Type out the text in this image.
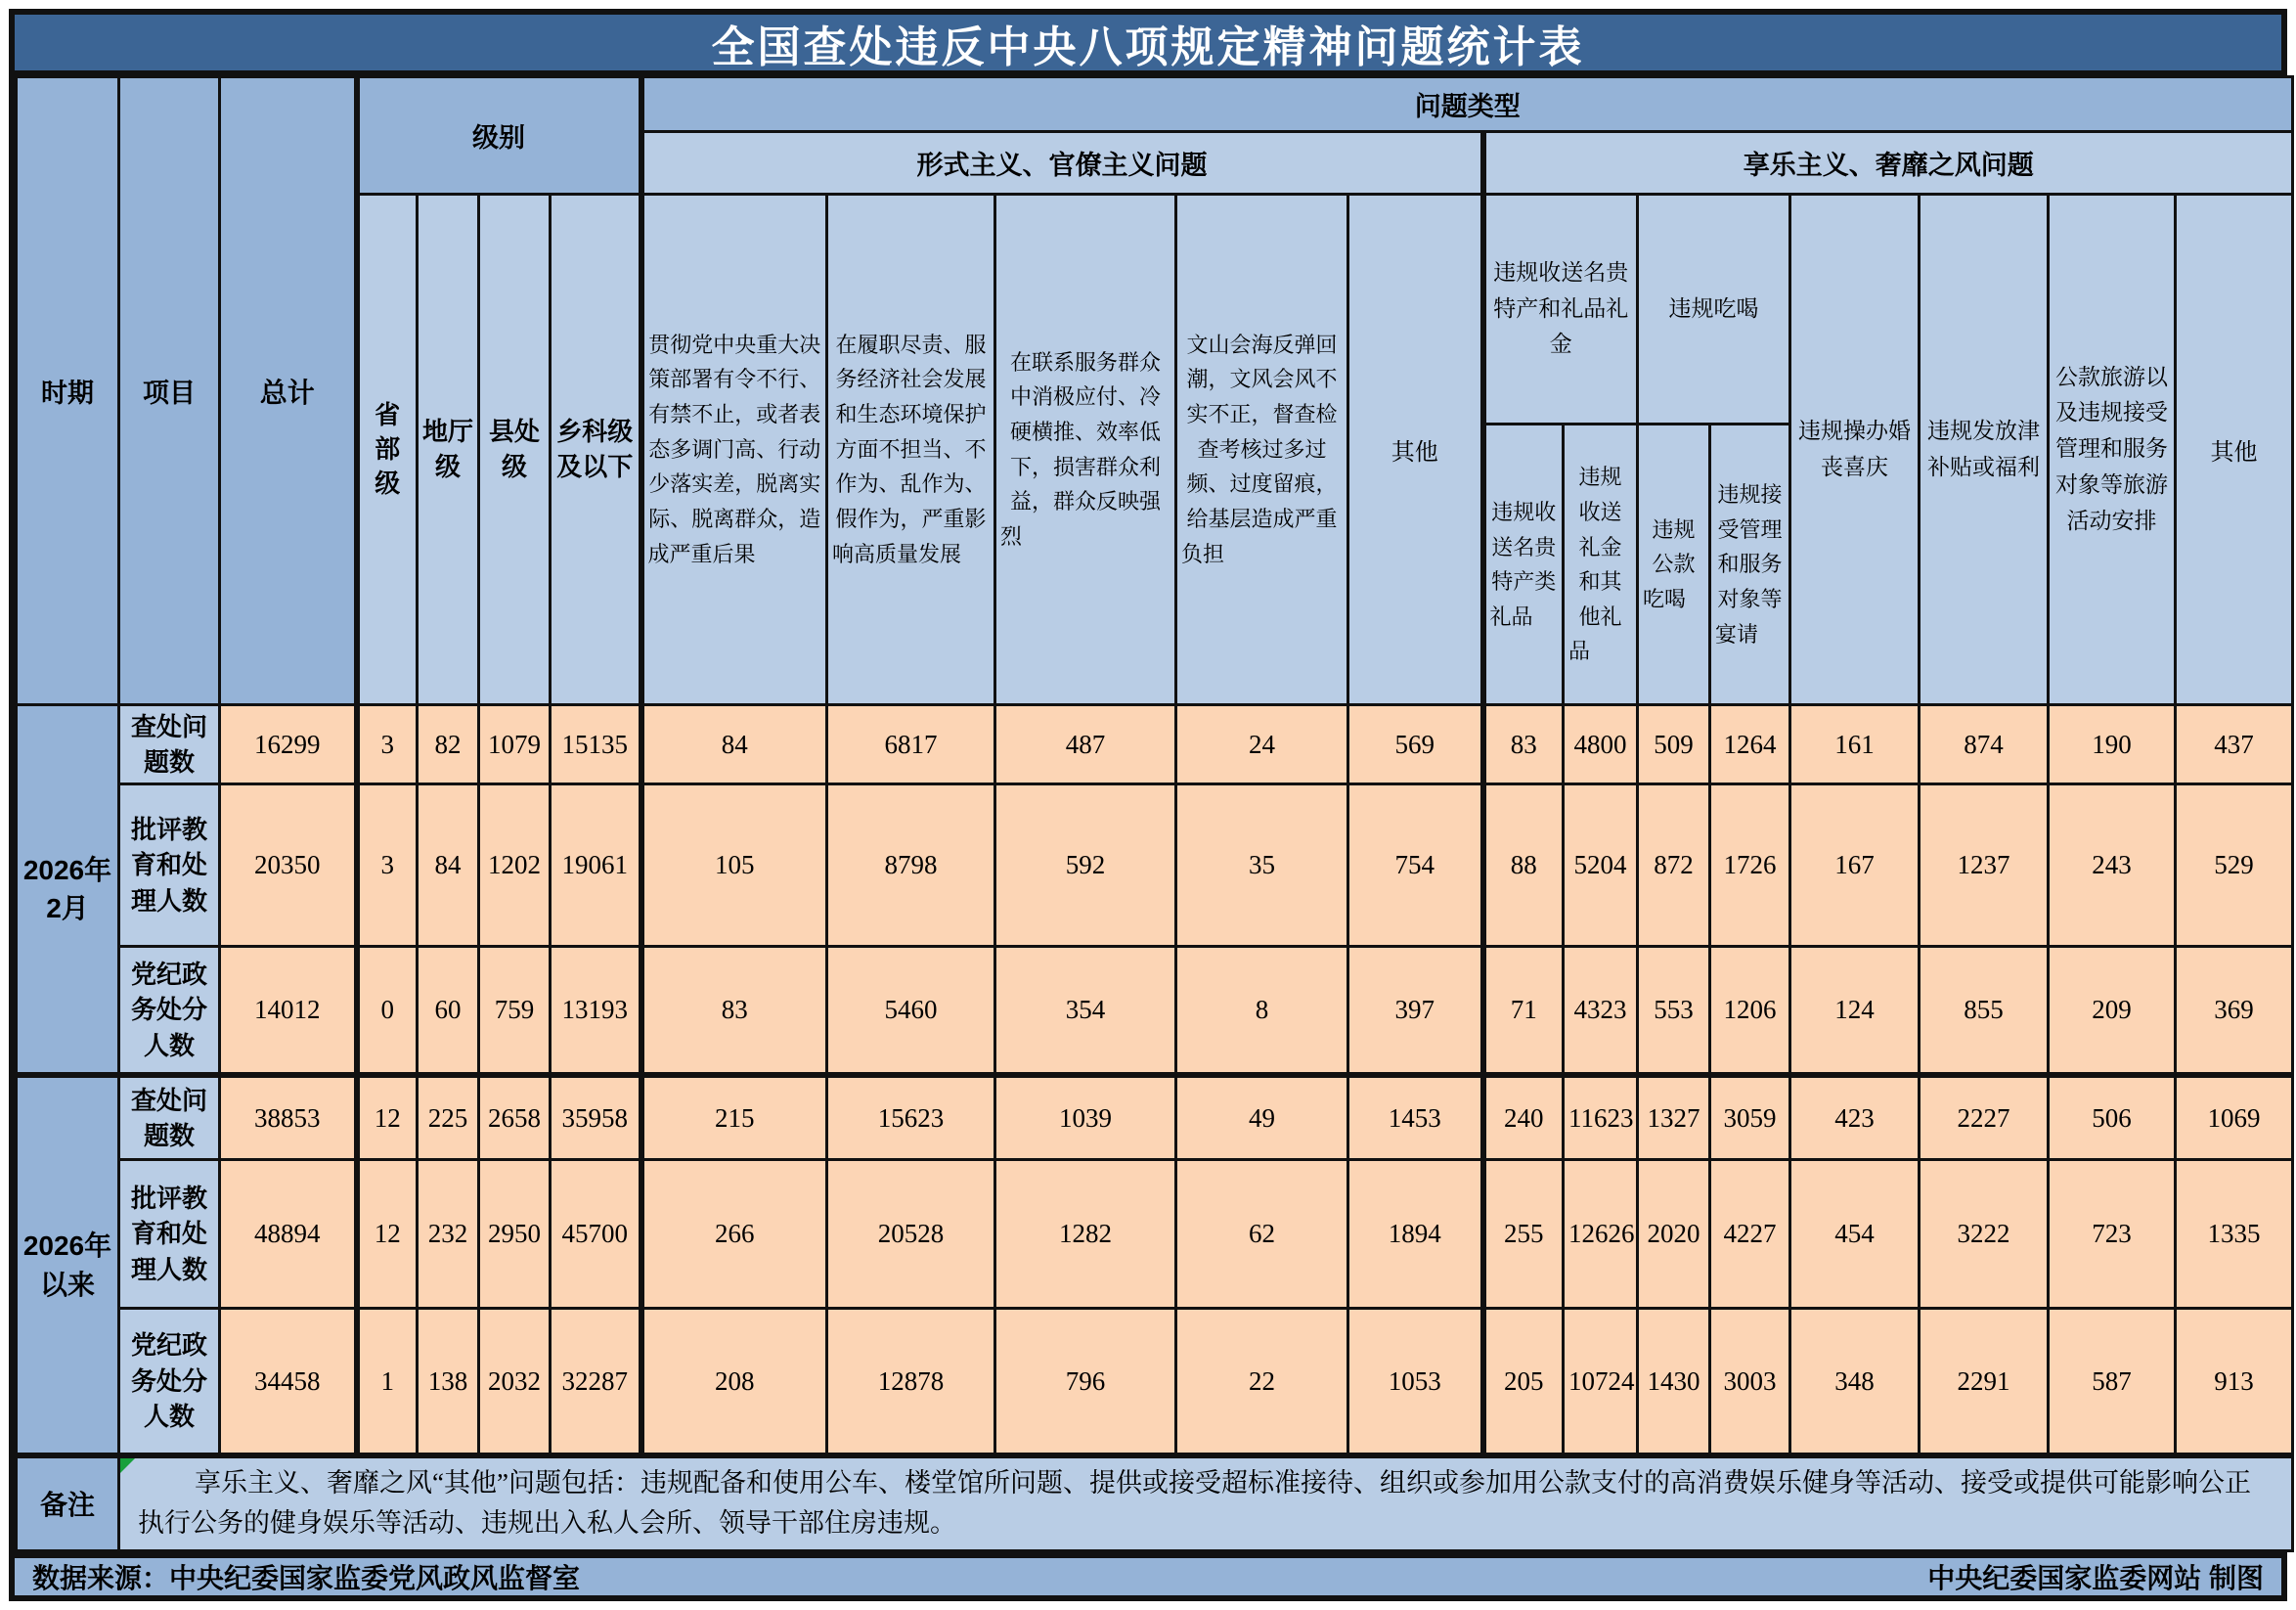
全国查处违反中央八项规定精神问题统计表
时期	项目	总计	级别				问题类型												
							形式主义、官僚主义问题					享乐主义、奢靡之风问题							
			省部级	地厅级	县处级	乡科级及以下	贯彻党中央重大决策部署有令不行、有禁不止，或者表态多调门高、行动少落实差，脱离实际、脱离群众，造成严重后果	在履职尽责、服务经济社会发展和生态环境保护方面不担当、不作为、乱作为、假作为，严重影响高质量发展	在联系服务群众中消极应付、冷硬横推、效率低下，损害群众利益，群众反映强烈	文山会海反弹回潮，文风会风不实不正，督查检查考核过多过频、过度留痕，给基层造成严重负担	其他	违规收送名贵特产和礼品礼金		违规吃喝		违规操办婚丧喜庆	违规发放津补贴或福利	公款旅游以及违规接受管理和服务对象等旅游活动安排	其他
												违规收送名贵特产类礼品	违规收送礼金和其他礼品	违规公款吃喝	违规接受管理和服务对象等宴请				
2026年2月	查处问题数	16299	3	82	1079	15135	84	6817	487	24	569	83	4800	509	1264	161	874	190	437
	批评教育和处理人数	20350	3	84	1202	19061	105	8798	592	35	754	88	5204	872	1726	167	1237	243	529
	党纪政务处分人数	14012	0	60	759	13193	83	5460	354	8	397	71	4323	553	1206	124	855	209	369
2026年以来	查处问题数	38853	12	225	2658	35958	215	15623	1039	49	1453	240	11623	1327	3059	423	2227	506	1069
	批评教育和处理人数	48894	12	232	2950	45700	266	20528	1282	62	1894	255	12626	2020	4227	454	3222	723	1335
	党纪政务处分人数	34458	1	138	2032	32287	208	12878	796	22	1053	205	10724	1430	3003	348	2291	587	913
备注	享乐主义、奢靡之风“其他”问题包括：违规配备和使用公车、楼堂馆所问题、提供或接受超标准接待、组织或参加用公款支付的高消费娱乐健身等活动、接受或提供可能影响公正执行公务的健身娱乐等活动、违规出入私人会所、领导干部住房违规。																		
数据来源：中央纪委国家监委党风政风监督室	中央纪委国家监委网站 制图
